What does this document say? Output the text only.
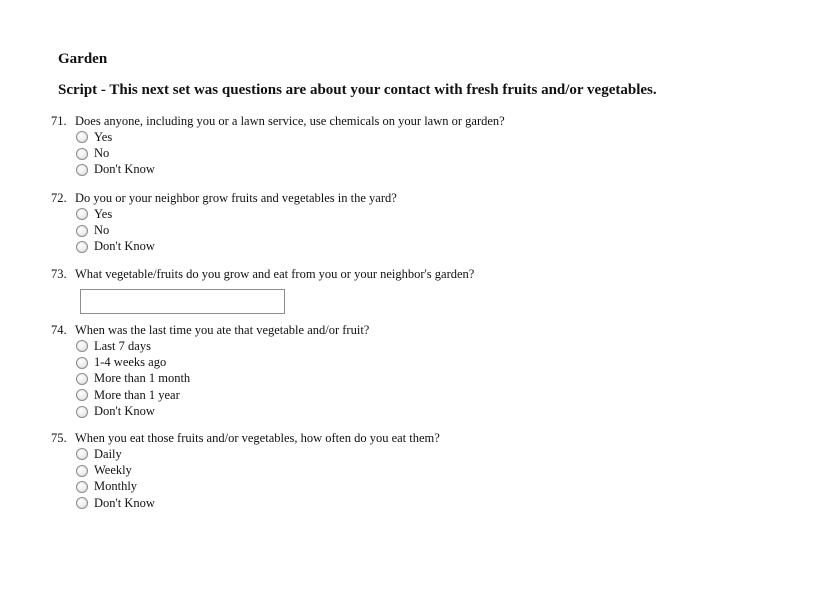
Garden
Script - This next set was questions are about your contact with fresh fruits and/or vegetables.
71. Does anyone, including you or a lawn service, use chemicals on your lawn or garden?
Yes
No
Don't Know
72. Do you or your neighbor grow fruits and vegetables in the yard?
Yes
No
Don't Know
73. What vegetable/fruits do you grow and eat from you or your neighbor's garden?
74. When was the last time you ate that vegetable and/or fruit?
Last 7 days
1-4 weeks ago
More than 1 month
More than 1 year
Don't Know
75. When you eat those fruits and/or vegetables, how often do you eat them?
Daily
Weekly
Monthly
Don't Know
